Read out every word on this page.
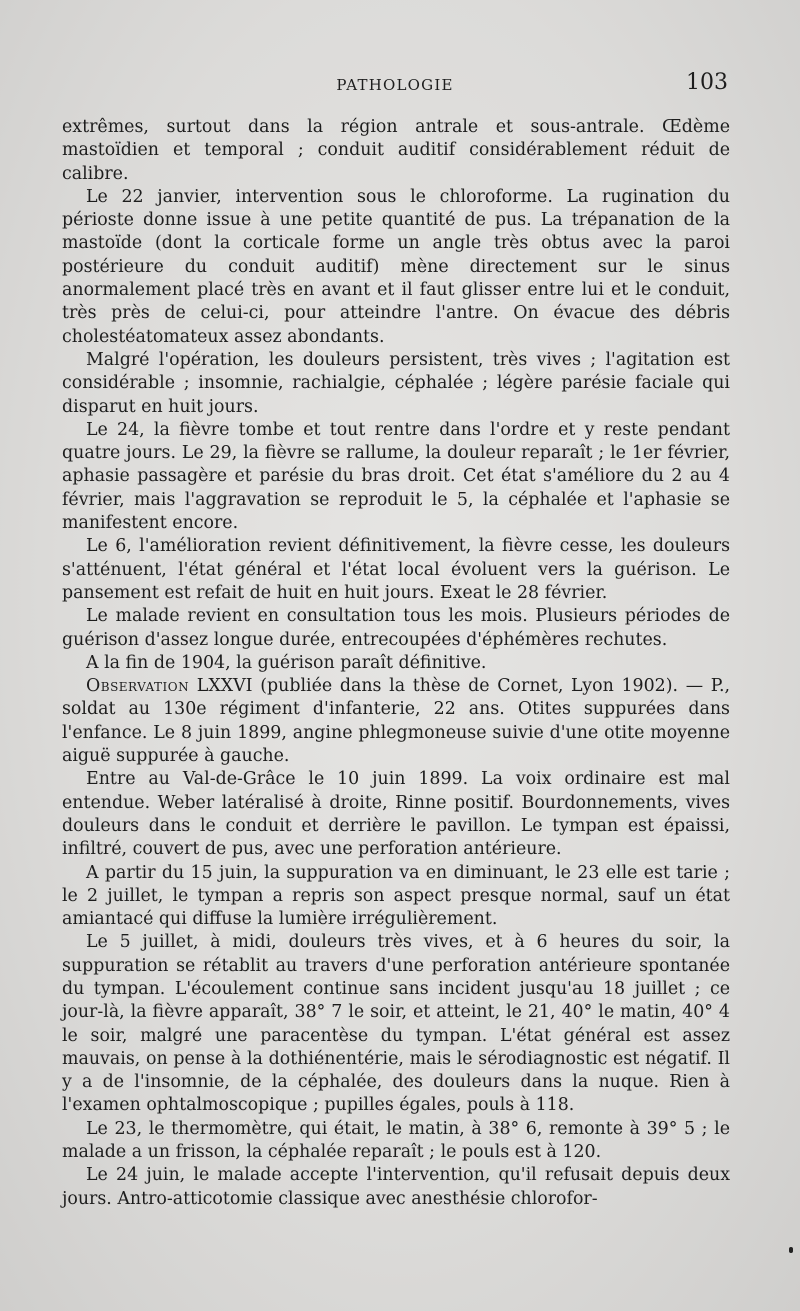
PATHOLOGIE	103

extrêmes, surtout dans la région antrale et sous-antrale. Œdème mastoïdien et temporal ; conduit auditif considérablement réduit de calibre.

Le 22 janvier, intervention sous le chloroforme. La rugination du périoste donne issue à une petite quantité de pus. La trépanation de la mastoïde (dont la corticale forme un angle très obtus avec la paroi postérieure du conduit auditif) mène directement sur le sinus anormalement placé très en avant et il faut glisser entre lui et le conduit, très près de celui-ci, pour atteindre l'antre. On évacue des débris cholestéatomateux assez abondants.

Malgré l'opération, les douleurs persistent, très vives ; l'agitation est considérable ; insomnie, rachialgie, céphalée ; légère parésie faciale qui disparut en huit jours.

Le 24, la fièvre tombe et tout rentre dans l'ordre et y reste pendant quatre jours. Le 29, la fièvre se rallume, la douleur reparaît ; le 1er février, aphasie passagère et parésie du bras droit. Cet état s'améliore du 2 au 4 février, mais l'aggravation se reproduit le 5, la céphalée et l'aphasie se manifestent encore.

Le 6, l'amélioration revient définitivement, la fièvre cesse, les douleurs s'atténuent, l'état général et l'état local évoluent vers la guérison. Le pansement est refait de huit en huit jours. Exeat le 28 février.

Le malade revient en consultation tous les mois. Plusieurs périodes de guérison d'assez longue durée, entrecoupées d'éphémères rechutes.

A la fin de 1904, la guérison paraît définitive.

Observation LXXVI (publiée dans la thèse de Cornet, Lyon 1902). — P., soldat au 130e régiment d'infanterie, 22 ans. Otites suppurées dans l'enfance. Le 8 juin 1899, angine phlegmoneuse suivie d'une otite moyenne aiguë suppurée à gauche.

Entre au Val-de-Grâce le 10 juin 1899. La voix ordinaire est mal entendue. Weber latéralisé à droite, Rinne positif. Bourdonnements, vives douleurs dans le conduit et derrière le pavillon. Le tympan est épaissi, infiltré, couvert de pus, avec une perforation antérieure.

A partir du 15 juin, la suppuration va en diminuant, le 23 elle est tarie ; le 2 juillet, le tympan a repris son aspect presque normal, sauf un état amiantacé qui diffuse la lumière irrégulièrement.

Le 5 juillet, à midi, douleurs très vives, et à 6 heures du soir, la suppuration se rétablit au travers d'une perforation antérieure spontanée du tympan. L'écoulement continue sans incident jusqu'au 18 juillet ; ce jour-là, la fièvre apparaît, 38° 7 le soir, et atteint, le 21, 40° le matin, 40° 4 le soir, malgré une paracentèse du tympan. L'état général est assez mauvais, on pense à la dothiénentérie, mais le sérodiagnostic est négatif. Il y a de l'insomnie, de la céphalée, des douleurs dans la nuque. Rien à l'examen ophtalmoscopique ; pupilles égales, pouls à 118.

Le 23, le thermomètre, qui était, le matin, à 38° 6, remonte à 39° 5 ; le malade a un frisson, la céphalée reparaît ; le pouls est à 120.

Le 24 juin, le malade accepte l'intervention, qu'il refusait depuis deux jours. Antro-atticotomie classique avec anesthésie chlorofor-
